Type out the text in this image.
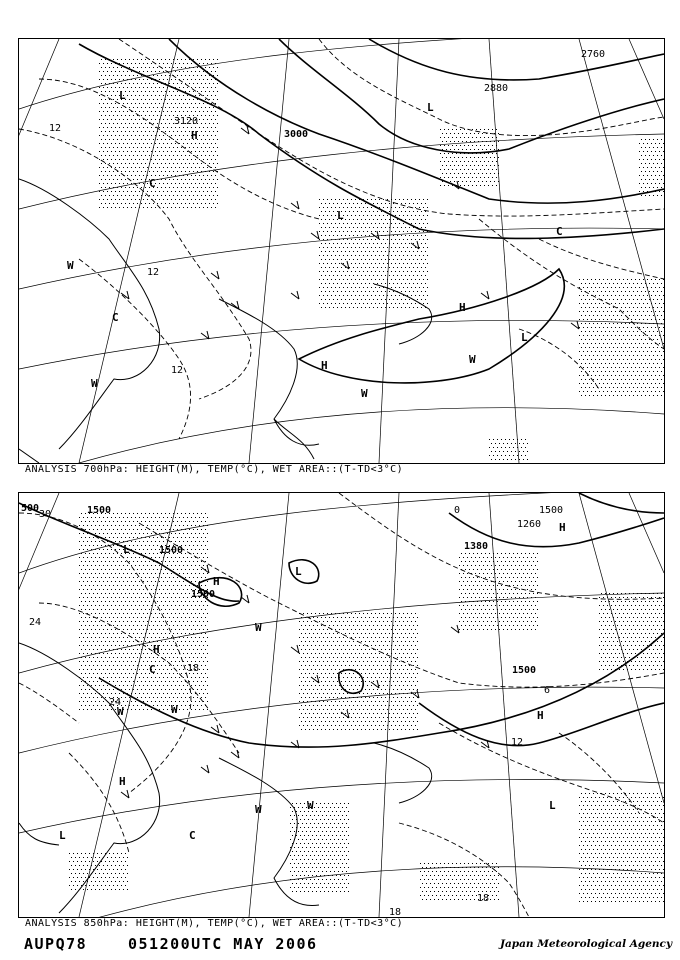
3120
3000
2880
2760
12
12
12
L
L
L
H
H
H
C
C
W
W
W
W
C
L
ANALYSIS 700hPa: HEIGHT(M), TEMP(°C), WET AREA::(T-TD<3°C)
1500
1500
1500
1380
1260
1500
1500
24
24
18
12
18
18
30
6
0
500
L
L
H
H
H
H
W
W	W
W
W
C
C
L
L
H
ANALYSIS 850hPa: HEIGHT(M), TEMP(°C), WET AREA::(T-TD<3°C)
AUPQ78	051200UTC MAY 2006	Japan Meteorological Agency
